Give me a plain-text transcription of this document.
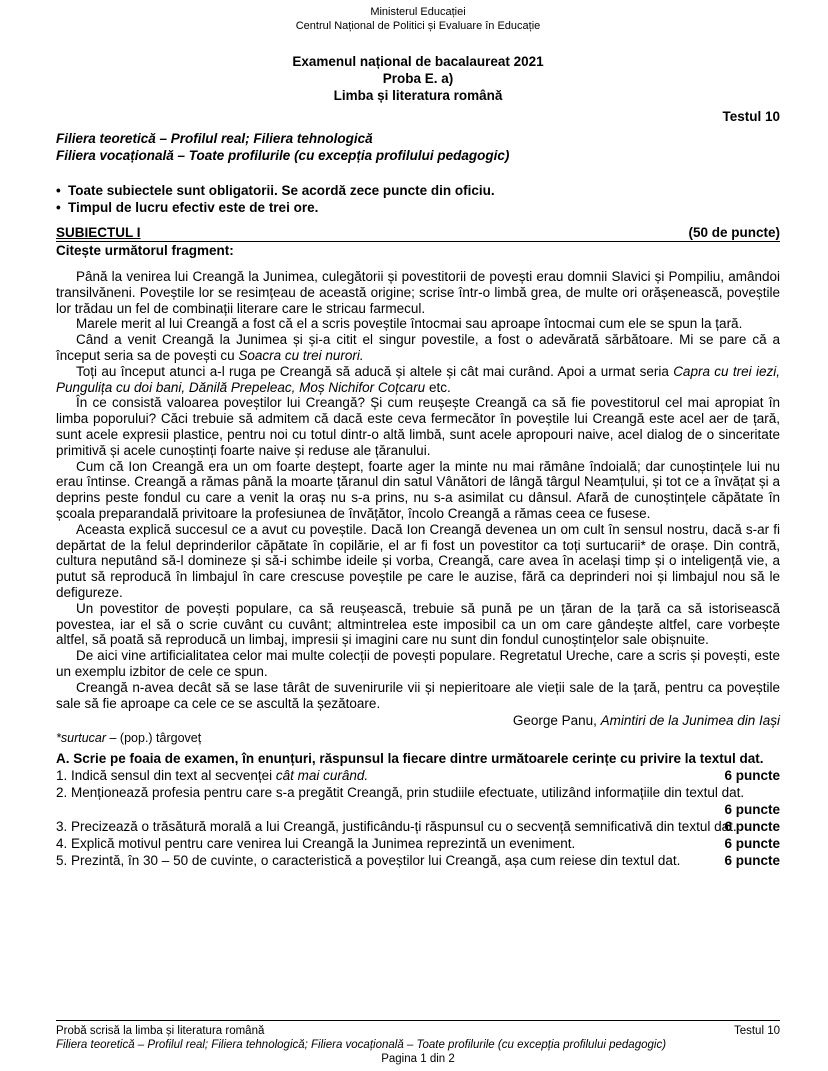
Ministerul Educației
Centrul Național de Politici și Evaluare în Educație
Examenul național de bacalaureat 2021
Proba E. a)
Limba și literatura română
Testul 10
Filiera teoretică – Profilul real; Filiera tehnologică
Filiera vocațională – Toate profilurile (cu excepția profilului pedagogic)
• Toate subiectele sunt obligatorii. Se acordă zece puncte din oficiu.
• Timpul de lucru efectiv este de trei ore.
SUBIECTUL I	(50 de puncte)
Citește următorul fragment:

Până la venirea lui Creangă la Junimea, culegătorii și povestitorii de povești erau domnii Slavici și Pompiliu, amândoi transilvăneni. Poveștile lor se resimțeau de această origine; scrise într-o limbă grea, de multe ori orășenească, poveștile lor trădau un fel de combinații literare care le stricau farmecul.

Marele merit al lui Creangă a fost că el a scris poveștile întocmai sau aproape întocmai cum ele se spun la țară.

Când a venit Creangă la Junimea și și-a citit el singur povestile, a fost o adevărată sărbătoare. Mi se pare că a început seria sa de povești cu Soacra cu trei nurori.

Toți au început atunci a-l ruga pe Creangă să aducă și altele și cât mai curând. Apoi a urmat seria Capra cu trei iezi, Pungulița cu doi bani, Dănilă Prepeleac, Moș Nichifor Coțcaru etc.

În ce consistă valoarea poveștilor lui Creangă? Și cum reușește Creangă ca să fie povestitorul cel mai apropiat în limba poporului? Căci trebuie să admitem că dacă este ceva fermecător în poveștile lui Creangă este acel aer de țară, sunt acele expresii plastice, pentru noi cu totul dintr-o altă limbă, sunt acele apropouri naive, acel dialog de o sinceritate primitivă și acele cunoștinți foarte naive și reduse ale țăranului.

Cum că Ion Creangă era un om foarte deștept, foarte ager la minte nu mai rămâne îndoială; dar cunoștințele lui nu erau întinse. Creangă a rămas până la moarte țăranul din satul Vânători de lângă târgul Neamțului, și tot ce a învățat și a deprins peste fondul cu care a venit la oraș nu s-a prins, nu s-a asimilat cu dânsul. Afară de cunoștințele căpătate în școala preparandală privitoare la profesiunea de învățător, încolo Creangă a rămas ceea ce fusese.

Aceasta explică succesul ce a avut cu poveștile. Dacă Ion Creangă devenea un om cult în sensul nostru, dacă s-ar fi depărtat de la felul deprinderilor căpătate în copilărie, el ar fi fost un povestitor ca toți surtucarii* de orașe. Din contră, cultura neputând să-l domineze și să-i schimbe ideile și vorba, Creangă, care avea în același timp și o inteligență vie, a putut să reproducă în limbajul în care crescuse poveștile pe care le auzise, fără ca deprinderi noi și limbajul nou să le defigureze.

Un povestitor de povești populare, ca să reușească, trebuie să pună pe un țăran de la țară ca să istorisească povestea, iar el să o scrie cuvânt cu cuvânt; altmintrelea este imposibil ca un om care gândește altfel, care vorbește altfel, să poată să reproducă un limbaj, impresii și imagini care nu sunt din fondul cunoștințelor sale obișnuite.

De aici vine artificialitatea celor mai multe colecții de povești populare. Regretatul Ureche, care a scris și povești, este un exemplu izbitor de cele ce spun.

Creangă n-avea decât să se lase târât de suvenirurile vii și nepieritoare ale vieții sale de la țară, pentru ca poveștile sale să fie aproape ca cele ce se ascultă la șezătoare.

George Panu, Amintiri de la Junimea din Iași
*surtucar – (pop.) târgoveț
A. Scrie pe foaia de examen, în enunțuri, răspunsul la fiecare dintre următoarele cerințe cu privire la textul dat.
1. Indică sensul din text al secvenței cât mai curând.	6 puncte
2. Menționează profesia pentru care s-a pregătit Creangă, prin studiile efectuate, utilizând informațiile din textul dat.
6 puncte
3. Precizează o trăsătură morală a lui Creangă, justificându-ți răspunsul cu o secvență semnificativă din textul dat.
6 puncte
4. Explică motivul pentru care venirea lui Creangă la Junimea reprezintă un eveniment.	6 puncte
5. Prezintă, în 30 – 50 de cuvinte, o caracteristică a poveștilor lui Creangă, așa cum reiese din textul dat.	6 puncte
Probă scrisă la limba și literatura română	Testul 10
Filiera teoretică – Profilul real; Filiera tehnologică; Filiera vocațională – Toate profilurile (cu excepția profilului pedagogic)
Pagina 1 din 2
